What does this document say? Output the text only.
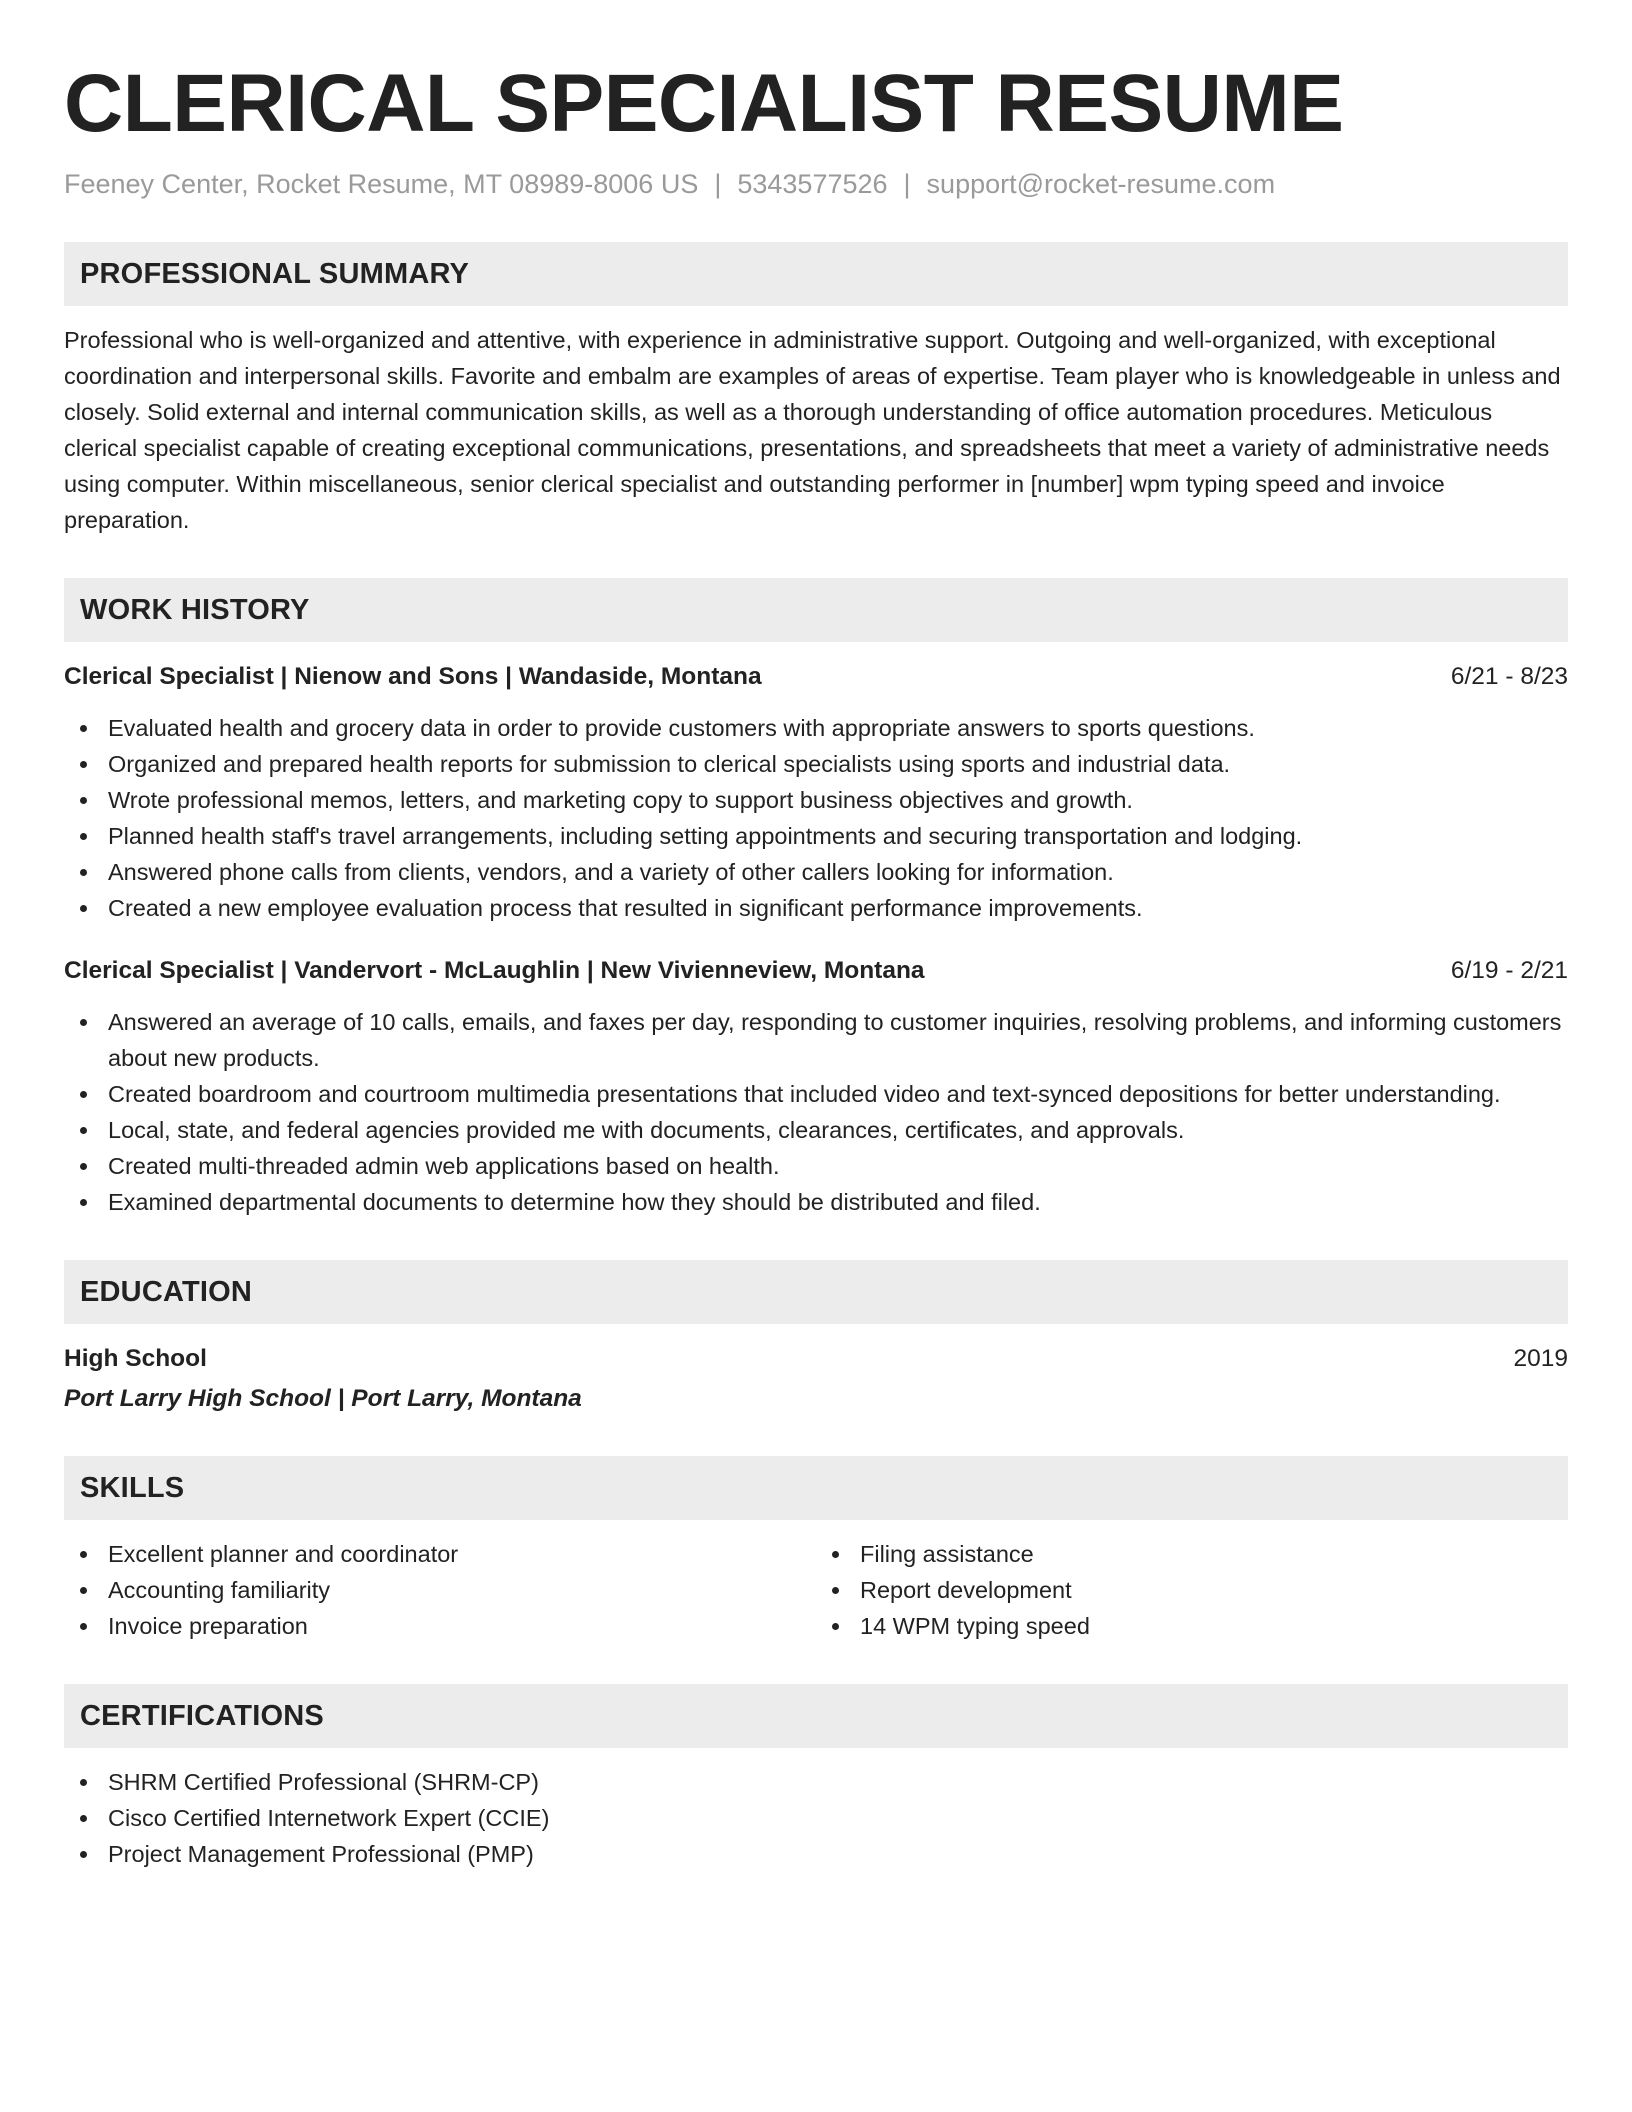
CLERICAL SPECIALIST RESUME
Feeney Center, Rocket Resume, MT 08989-8006 US | 5343577526 | support@rocket-resume.com
PROFESSIONAL SUMMARY
Professional who is well-organized and attentive, with experience in administrative support. Outgoing and well-organized, with exceptional coordination and interpersonal skills. Favorite and embalm are examples of areas of expertise. Team player who is knowledgeable in unless and closely. Solid external and internal communication skills, as well as a thorough understanding of office automation procedures. Meticulous clerical specialist capable of creating exceptional communications, presentations, and spreadsheets that meet a variety of administrative needs using computer. Within miscellaneous, senior clerical specialist and outstanding performer in [number] wpm typing speed and invoice preparation.
WORK HISTORY
Clerical Specialist | Nienow and Sons | Wandaside, Montana	6/21 - 8/23
Evaluated health and grocery data in order to provide customers with appropriate answers to sports questions.
Organized and prepared health reports for submission to clerical specialists using sports and industrial data.
Wrote professional memos, letters, and marketing copy to support business objectives and growth.
Planned health staff's travel arrangements, including setting appointments and securing transportation and lodging.
Answered phone calls from clients, vendors, and a variety of other callers looking for information.
Created a new employee evaluation process that resulted in significant performance improvements.
Clerical Specialist | Vandervort - McLaughlin | New Vivienneview, Montana	6/19 - 2/21
Answered an average of 10 calls, emails, and faxes per day, responding to customer inquiries, resolving problems, and informing customers about new products.
Created boardroom and courtroom multimedia presentations that included video and text-synced depositions for better understanding.
Local, state, and federal agencies provided me with documents, clearances, certificates, and approvals.
Created multi-threaded admin web applications based on health.
Examined departmental documents to determine how they should be distributed and filed.
EDUCATION
High School	2019
Port Larry High School | Port Larry, Montana
SKILLS
Excellent planner and coordinator
Accounting familiarity
Invoice preparation
Filing assistance
Report development
14 WPM typing speed
CERTIFICATIONS
SHRM Certified Professional (SHRM-CP)
Cisco Certified Internetwork Expert (CCIE)
Project Management Professional (PMP)
